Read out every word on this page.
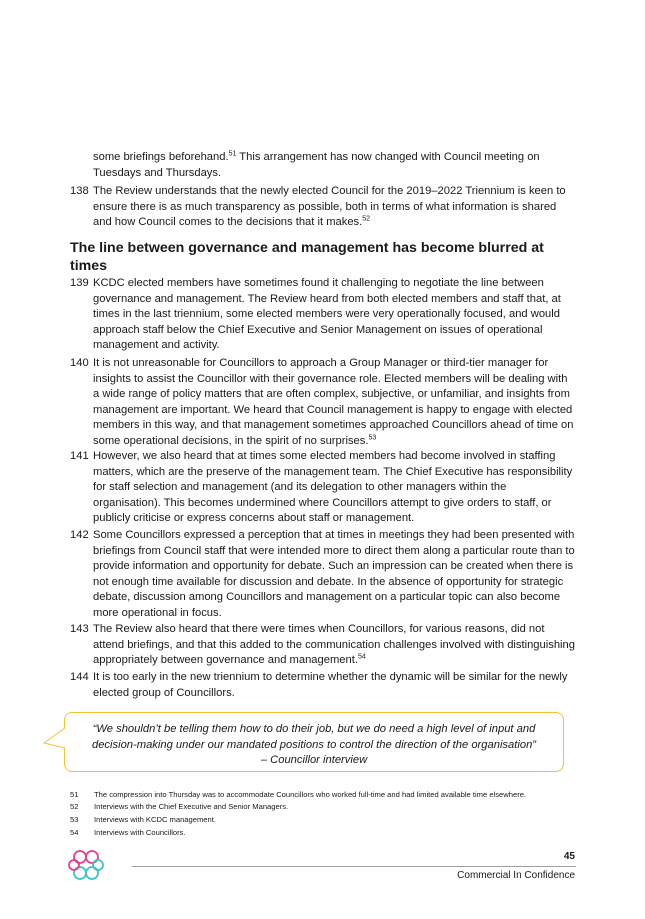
some briefings beforehand.$^{51}$ This arrangement has now changed with Council meeting on Tuesdays and Thursdays.
138 The Review understands that the newly elected Council for the 2019–2022 Triennium is keen to ensure there is as much transparency as possible, both in terms of what information is shared and how Council comes to the decisions that it makes.$^{52}$
The line between governance and management has become blurred at times
139 KCDC elected members have sometimes found it challenging to negotiate the line between governance and management. The Review heard from both elected members and staff that, at times in the last triennium, some elected members were very operationally focused, and would approach staff below the Chief Executive and Senior Management on issues of operational management and activity.
140 It is not unreasonable for Councillors to approach a Group Manager or third-tier manager for insights to assist the Councillor with their governance role. Elected members will be dealing with a wide range of policy matters that are often complex, subjective, or unfamiliar, and insights from management are important. We heard that Council management is happy to engage with elected members in this way, and that management sometimes approached Councillors ahead of time on some operational decisions, in the spirit of no surprises.$^{53}$
141 However, we also heard that at times some elected members had become involved in staffing matters, which are the preserve of the management team. The Chief Executive has responsibility for staff selection and management (and its delegation to other managers within the organisation). This becomes undermined where Councillors attempt to give orders to staff, or publicly criticise or express concerns about staff or management.
142 Some Councillors expressed a perception that at times in meetings they had been presented with briefings from Council staff that were intended more to direct them along a particular route than to provide information and opportunity for debate. Such an impression can be created when there is not enough time available for discussion and debate. In the absence of opportunity for strategic debate, discussion among Councillors and management on a particular topic can also become more operational in focus.
143 The Review also heard that there were times when Councillors, for various reasons, did not attend briefings, and that this added to the communication challenges involved with distinguishing appropriately between governance and management.$^{54}$
144 It is too early in the new triennium to determine whether the dynamic will be similar for the newly elected group of Councillors.
“We shouldn’t be telling them how to do their job, but we do need a high level of input and decision-making under our mandated positions to control the direction of the organisation”
– Councillor interview
51 The compression into Thursday was to accommodate Councillors who worked full-time and had limited available time elsewhere.
52 Interviews with the Chief Executive and Senior Managers.
53 Interviews with KCDC management.
54 Interviews with Councillors.
45
Commercial In Confidence
